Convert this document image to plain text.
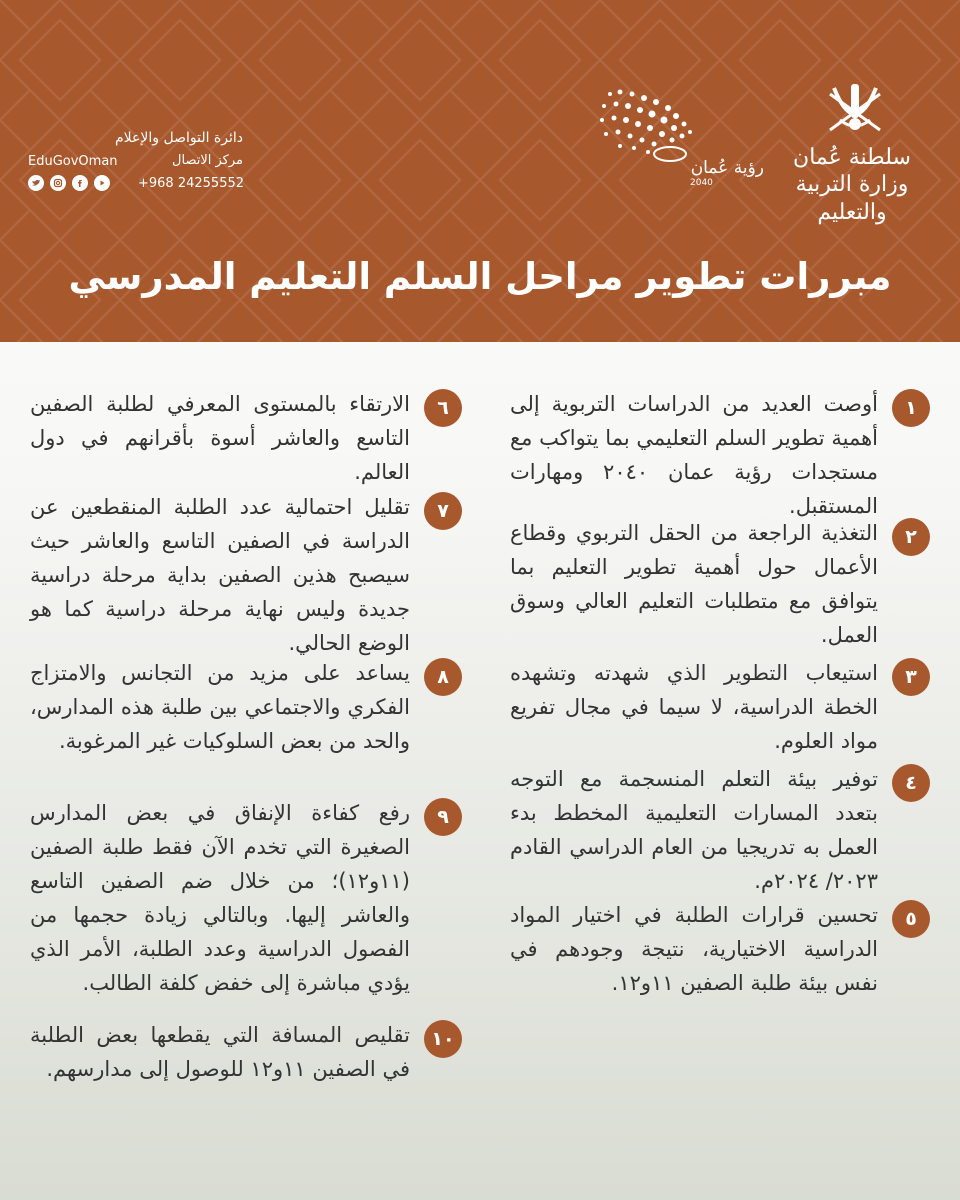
سلطنة عُمان
وزارة التربية والتعليم
رؤية عُمان
2040
دائرة التواصل والإعلام
مركز الاتصال
EduGovOman
+968 24255552
مبررات تطوير مراحل السلم التعليم المدرسي
١
أوصت العديد من الدراسات التربوية إلى أهمية تطوير السلم التعليمي بما يتواكب مع مستجدات رؤية عمان ٢٠٤٠ ومهارات المستقبل.
٢
التغذية الراجعة من الحقل التربوي وقطاع الأعمال حول أهمية تطوير التعليم بما يتوافق مع متطلبات التعليم العالي وسوق العمل.
٣
استيعاب التطوير الذي شهدته وتشهده الخطة الدراسية، لا سيما في مجال تفريع مواد العلوم.
٤
توفير بيئة التعلم المنسجمة مع التوجه بتعدد المسارات التعليمية المخطط بدء العمل به تدريجيا من العام الدراسي القادم ٢٠٢٣/ ٢٠٢٤م.
٥
تحسين قرارات الطلبة في اختيار المواد الدراسية الاختيارية، نتيجة وجودهم في نفس بيئة طلبة الصفين ١١و١٢.
٦
الارتقاء بالمستوى المعرفي لطلبة الصفين التاسع والعاشر أسوة بأقرانهم في دول العالم.
٧
تقليل احتمالية عدد الطلبة المنقطعين عن الدراسة في الصفين التاسع والعاشر حيث سيصبح هذين الصفين بداية مرحلة دراسية جديدة وليس نهاية مرحلة دراسية كما هو الوضع الحالي.
٨
يساعد على مزيد من التجانس والامتزاج الفكري والاجتماعي بين طلبة هذه المدارس، والحد من بعض السلوكيات غير المرغوبة.
٩
رفع كفاءة الإنفاق في بعض المدارس الصغيرة التي تخدم الآن فقط طلبة الصفين (١١و١٢)؛ من خلال ضم الصفين التاسع والعاشر إليها. وبالتالي زيادة حجمها من الفصول الدراسية وعدد الطلبة، الأمر الذي يؤدي مباشرة إلى خفض كلفة الطالب.
١٠
تقليص المسافة التي يقطعها بعض الطلبة في الصفين ١١و١٢ للوصول إلى مدارسهم.
